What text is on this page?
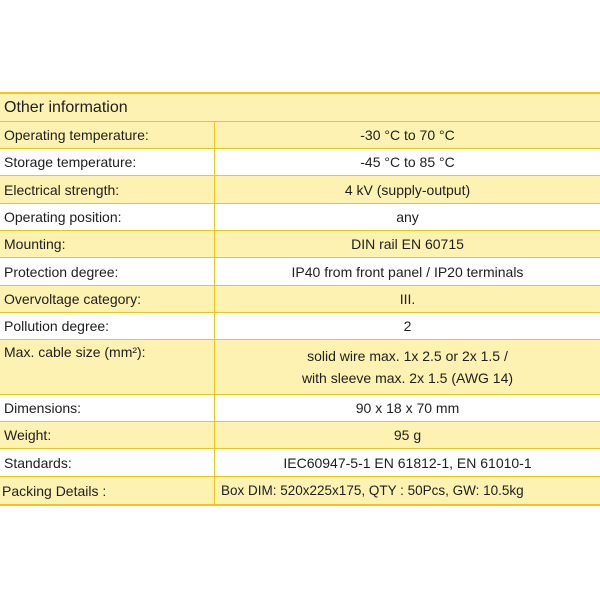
Other information
Operating temperature:	-30 °C to 70 °C
Storage temperature:	-45 °C to 85 °C
Electrical strength:	4 kV (supply-output)
Operating position:	any
Mounting:	DIN rail EN 60715
Protection degree:	IP40 from front panel / IP20 terminals
Overvoltage category:	III.
Pollution degree:	2
Max. cable size (mm²):	solid wire max. 1x 2.5 or 2x 1.5 /
with sleeve max. 2x 1.5 (AWG 14)
Dimensions:	90 x 18 x 70 mm
Weight:	95 g
Standards:	IEC60947-5-1 EN 61812-1, EN 61010-1
Packing Details :	Box DIM: 520x225x175, QTY : 50Pcs, GW: 10.5kg
